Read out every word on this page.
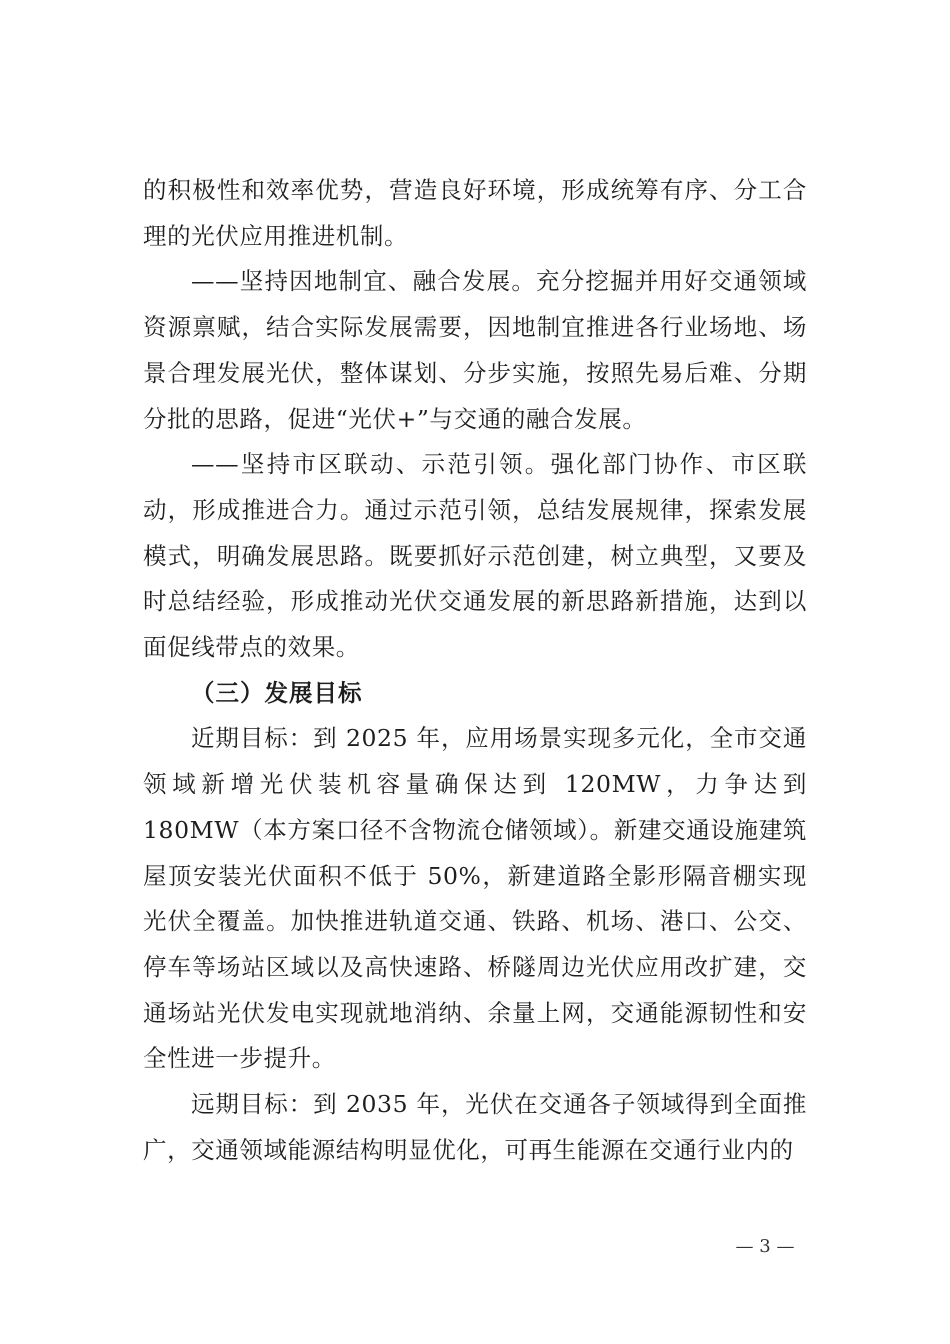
的积极性和效率优势，营造良好环境，形成统筹有序、分工合理的光伏应用推进机制。

——坚持因地制宜、融合发展。充分挖掘并用好交通领域资源禀赋，结合实际发展需要，因地制宜推进各行业场地、场景合理发展光伏，整体谋划、分步实施，按照先易后难、分期分批的思路，促进“光伏+”与交通的融合发展。

——坚持市区联动、示范引领。强化部门协作、市区联动，形成推进合力。通过示范引领，总结发展规律，探索发展模式，明确发展思路。既要抓好示范创建，树立典型，又要及时总结经验，形成推动光伏交通发展的新思路新措施，达到以面促线带点的效果。

（三）发展目标

近期目标：到 2025 年，应用场景实现多元化，全市交通领域新增光伏装机容量确保达到 120MW，力争达到 180MW（本方案口径不含物流仓储领域）。新建交通设施建筑屋顶安装光伏面积不低于 50%，新建道路全影形隔音棚实现光伏全覆盖。加快推进轨道交通、铁路、机场、港口、公交、停车等场站区域以及高快速路、桥隧周边光伏应用改扩建，交通场站光伏发电实现就地消纳、余量上网，交通能源韧性和安全性进一步提升。

远期目标：到 2035 年，光伏在交通各子领域得到全面推广，交通领域能源结构明显优化，可再生能源在交通行业内的

— 3 —
